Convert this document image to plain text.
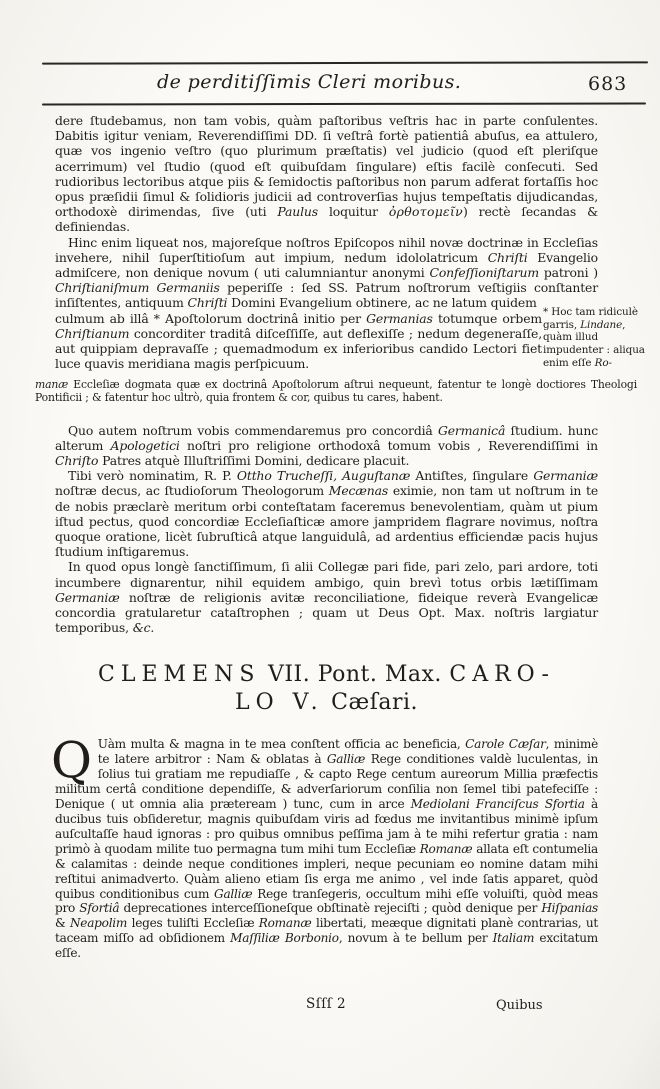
de perditiſſimis Cleri moribus.	683

dere ſtudebamus, non tam vobis, quàm paſtoribus veſtris hac in parte conſulentes. Dabitis igitur veniam, Reverendiſſimi DD. ſi veſtrâ fortè patientiâ abuſus, ea attulero, quæ vos ingenio veſtro (quo plurimum præſtatis) vel judicio (quod eſt pleriſque acerrimum) vel ſtudio (quod eſt quibuſdam ſingulare) eſtis facilè conſecuti. Sed rudioribus lectoribus atque piis & ſemidoctis paſtoribus non parum adferat fortaſſis hoc opus præſidii ſimul & ſolidioris judicii ad controverſias hujus tempeſtatis dijudicandas, orthodoxè dirimendas, ſive (uti Paulus loquitur ὀρθοτομεῖν) rectè ſecandas & definiendas.

Hinc enim liqueat nos, majoreſque noſtros Epiſcopos nihil novæ doctrinæ in Eccleſias invehere, nihil ſuperſtitioſum aut impium, nedum idololatricum Chriſti Evangelio admiſcere, non denique novum ( uti calumniantur anonymi Confeſſioniſtarum patroni ) Chriſtianiſmum Germaniis peperiſſe : ſed SS. Patrum noſtrorum veſtigiis conſtanter inſiſtentes, antiquum Chriſti Domini Evangelium obtinere, ac ne latum quidem

culmum ab illâ * Apoſtolorum doctrinâ initio per Germanias totumque orbem Chriſtianum concorditer traditâ diſceſſiſſe, aut deflexiſſe ; nedum degeneraſſe, aut quippiam depravaſſe ; quemadmodum ex inferioribus candido Lectori fiet luce quavis meridiana magis perſpicuum.

manæ Eccleſiæ dogmata quæ ex doctrinâ Apoſtolorum aſtrui nequeunt, fatentur te longè doctiores Theologi Pontificii ; & fatentur hoc ultrò, quia frontem & cor, quibus tu cares, habent.

Quo autem noſtrum vobis commendaremus pro concordiâ Germanicâ ſtudium. hunc alterum Apologetici noſtri pro religione orthodoxâ tomum vobis , Reverendiſſimi in Chriſto Patres atquè Illuſtriſſimi Domini, dedicare placuit.

Tibi verò nominatim, R. P. Ottho Trucheſſi, Auguſtanæ Antiſtes, ſingulare Germaniæ noſtræ decus, ac ſtudioſorum Theologorum Mecænas eximie, non tam ut noſtrum in te de nobis præclarè meritum orbi conteſtatam faceremus benevolentiam, quàm ut pium iſtud pectus, quod concordiæ Eccleſiaſticæ amore jampridem flagrare novimus, noſtra quoque oratione, licèt ſubruſticâ atque languidulâ, ad ardentius efficiendæ pacis hujus ſtudium inſtigaremus.

In quod opus longè ſanctiſſimum, ſi alii Collegæ pari fide, pari zelo, pari ardore, toti incumbere dignarentur, nihil equidem ambigo, quin brevì totus orbis lætiſſimam Germaniæ noſtræ de religionis avitæ reconciliatione, fideique reverà Evangelicæ concordia gratularetur cataſtrophen ; quam ut Deus Opt. Max. noſtris largiatur temporibus, &c.

CLEMENS VII. Pont. Max. CARO-
LO V. Cæſari.
Q Uàm multa & magna in te mea conſtent officia ac beneficia, Carole Cæſar, minimè te latere arbitror : Nam & oblatas à Galliæ Rege conditiones valdè luculentas, in ſolius tui gratiam me repudiaſſe , & capto Rege centum aureorum Millia præfectis militum certâ conditione dependiſſe, & adverſariorum conſilia non ſemel tibi patefeciſſe : Denique ( ut omnia alia præteream ) tunc, cum in arce Mediolani Franciſcus Sfortia à ducibus tuis obſideretur, magnis quibuſdam viris ad fœdus me invitantibus minimè ipſum auſcultaſſe haud ignoras : pro quibus omnibus peſſima jam à te mihi refertur gratia : nam primò à quodam milite tuo permagna tum mihi tum Eccleſiæ Romanæ allata eſt contumelia & calamitas : deinde neque conditiones impleri, neque pecuniam eo nomine datam mihi reſtitui animadverto. Quàm alieno etiam ſis erga me animo , vel inde ſatis apparet, quòd quibus conditionibus cum Galliæ Rege tranſegeris, occultum mihi eſſe voluiſti, quòd meas pro Sfortiâ deprecationes interceſſioneſque obſtinatè rejeciſti ; quòd denique per Hiſpanias & Neapolim leges tuliſti Eccleſiæ Romanæ libertati, meæque dignitati planè contrarias, ut taceam miſſo ad obſidionem Maſſiliæ Borbonio, novum à te bellum per Italiam excitatum eſſe.
* Hoc tam ridiculè garris, Lindane, quàm illud impudenter : aliqua enim eſſe Ro-
Sſſſ 2	Quibus
